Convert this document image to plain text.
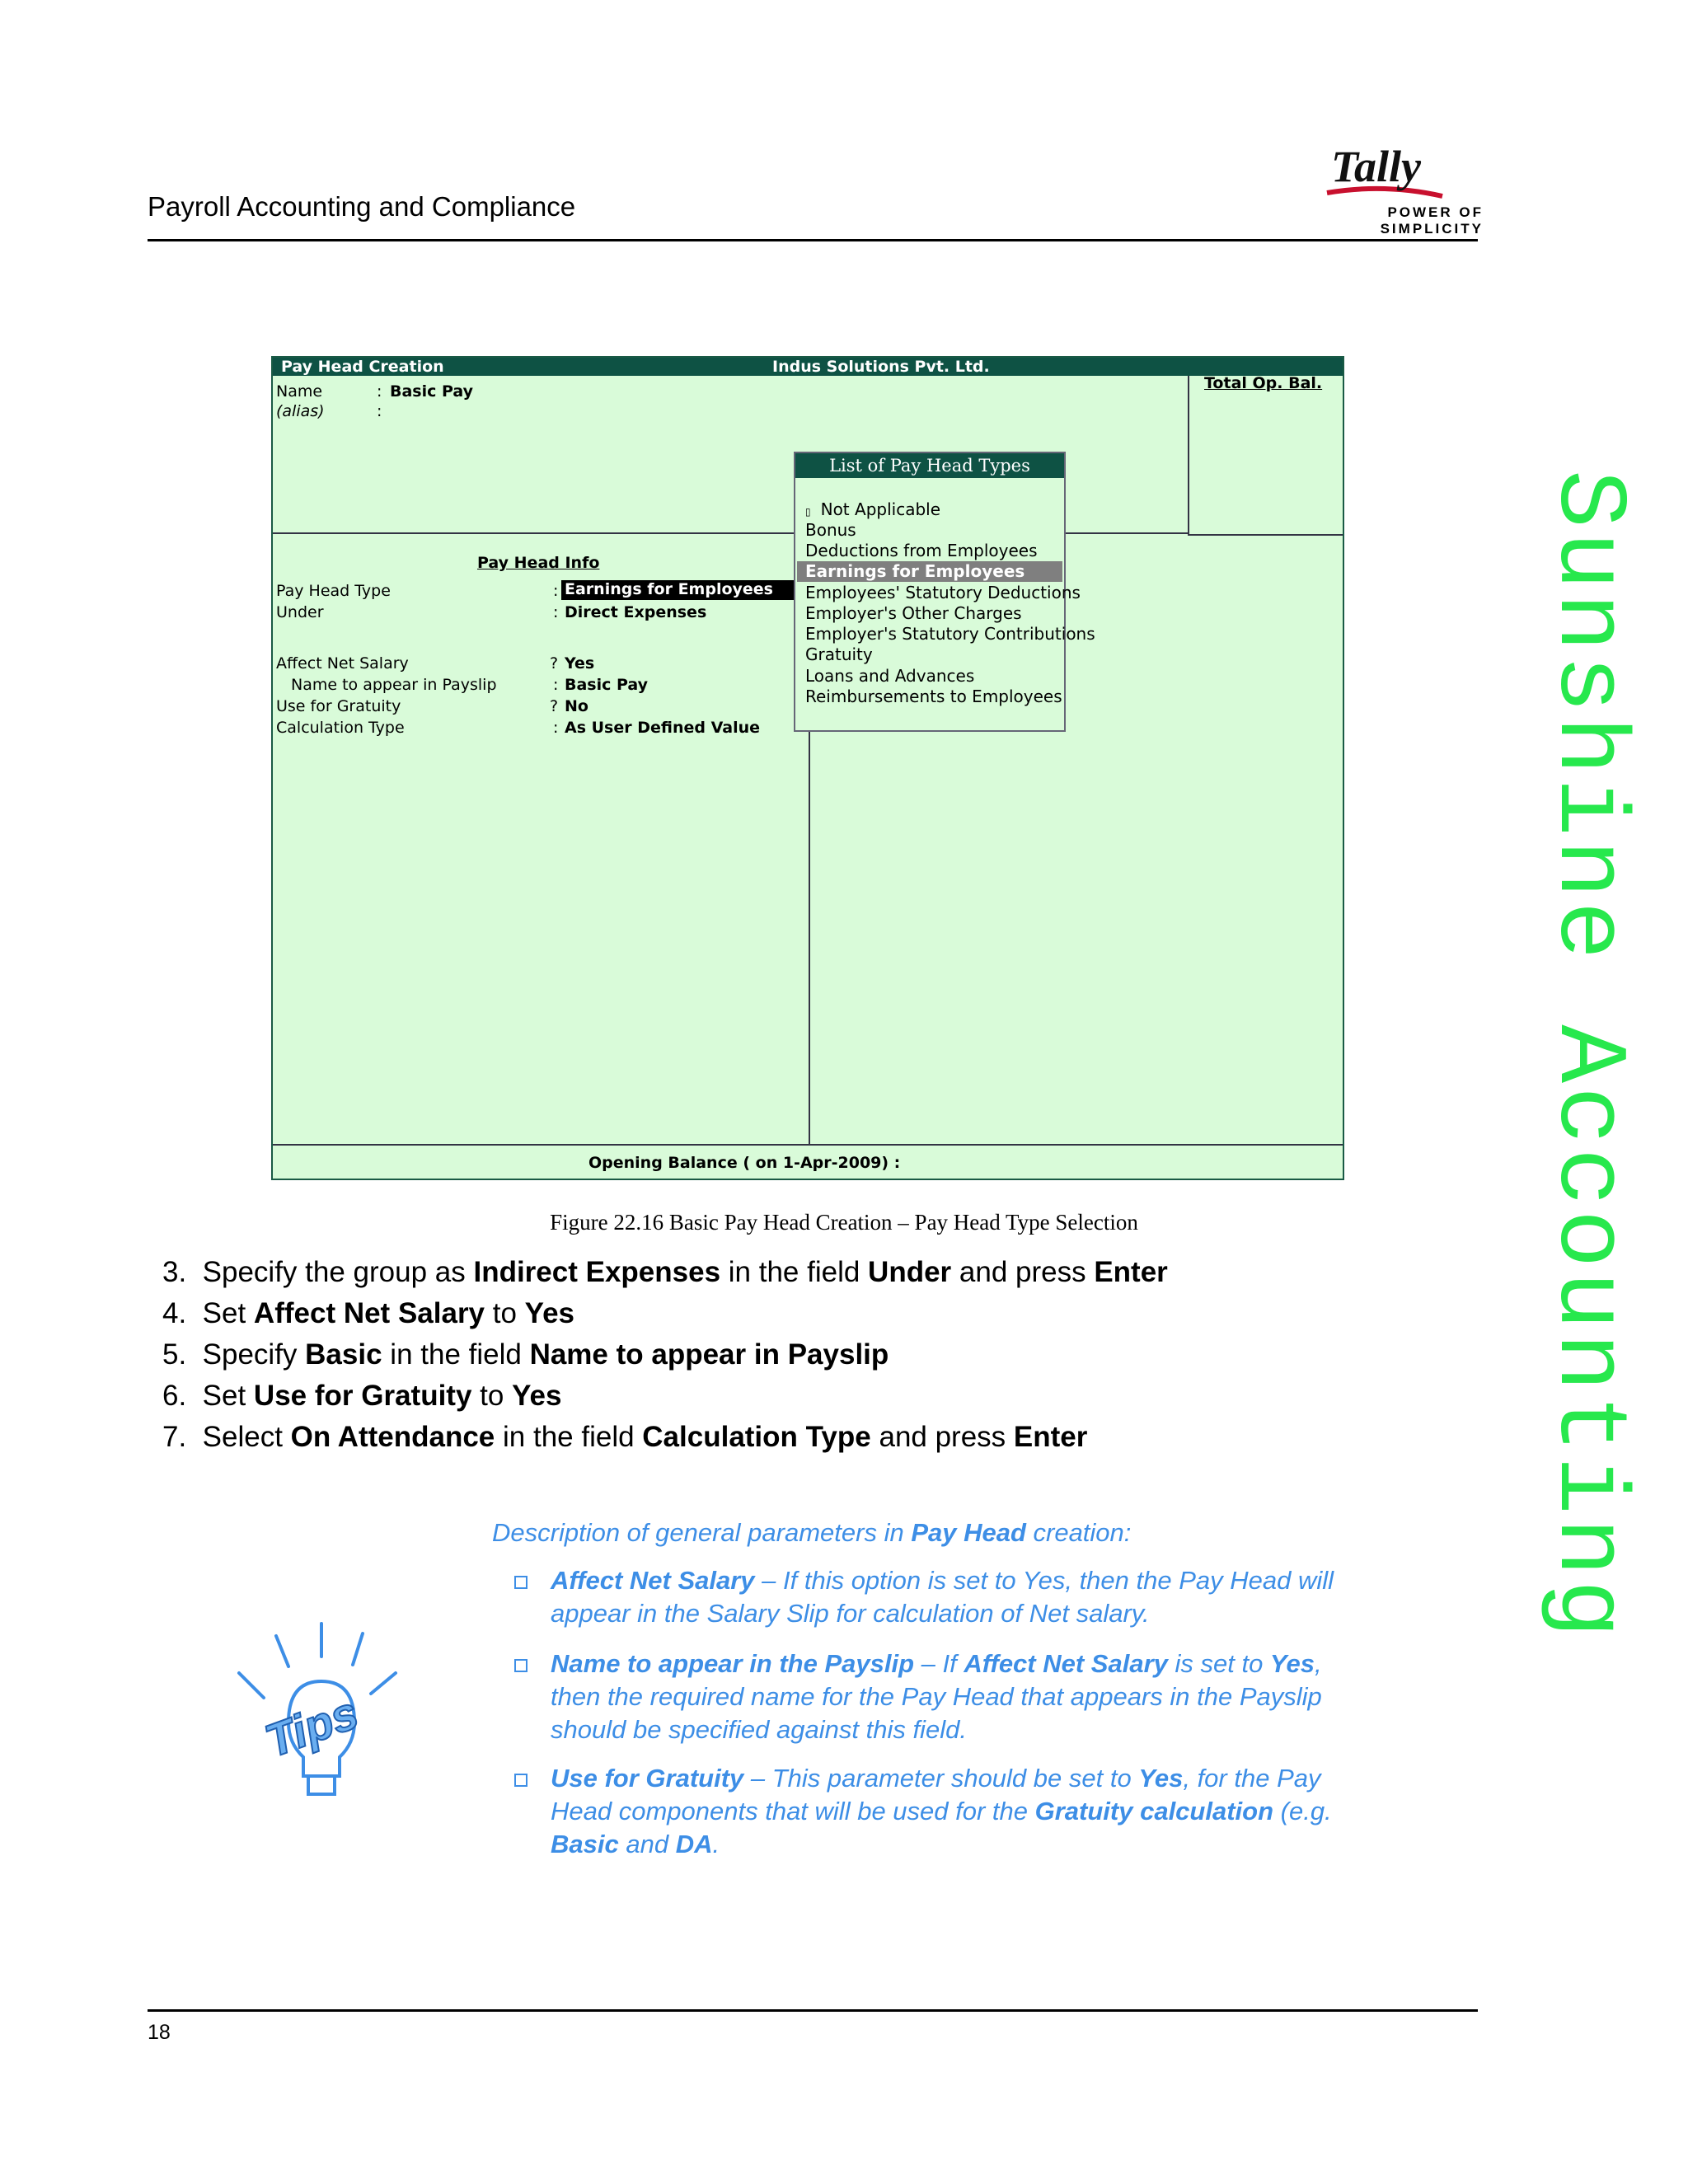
Payroll Accounting and Compliance
Tally
POWER OF SIMPLICITY
Sunshine Accounting
Pay Head Creation	Indus Solutions Pvt. Ltd.
Total Op. Bal.
Name	: Basic Pay
(alias)	:
Pay Head Info
Pay Head Type	: Earnings for Employees
Under	: Direct Expenses
Affect Net Salary	? Yes
Name to appear in Payslip	: Basic Pay
Use for Gratuity	? No
Calculation Type	: As User Defined Value
Opening Balance ( on 1-Apr-2009) :
List of Pay Head Types
▯ Not Applicable
Bonus
Deductions from Employees
Earnings for Employees
Employees' Statutory Deductions
Employer's Other Charges
Employer's Statutory Contributions
Gratuity
Loans and Advances
Reimbursements to Employees
Figure 22.16 Basic Pay Head Creation – Pay Head Type Selection
3. Specify the group as Indirect Expenses in the field Under and press Enter
4. Set Affect Net Salary to Yes
5. Specify Basic in the field Name to appear in Payslip
6. Set Use for Gratuity to Yes
7. Select On Attendance in the field Calculation Type and press Enter
Tips
Description of general parameters in Pay Head creation:
Affect Net Salary – If this option is set to Yes, then the Pay Head will
appear in the Salary Slip for calculation of Net salary.
Name to appear in the Payslip – If Affect Net Salary is set to Yes,
then the required name for the Pay Head that appears in the Payslip
should be specified against this field.
Use for Gratuity – This parameter should be set to Yes, for the Pay
Head components that will be used for the Gratuity calculation (e.g.
Basic and DA.
18
